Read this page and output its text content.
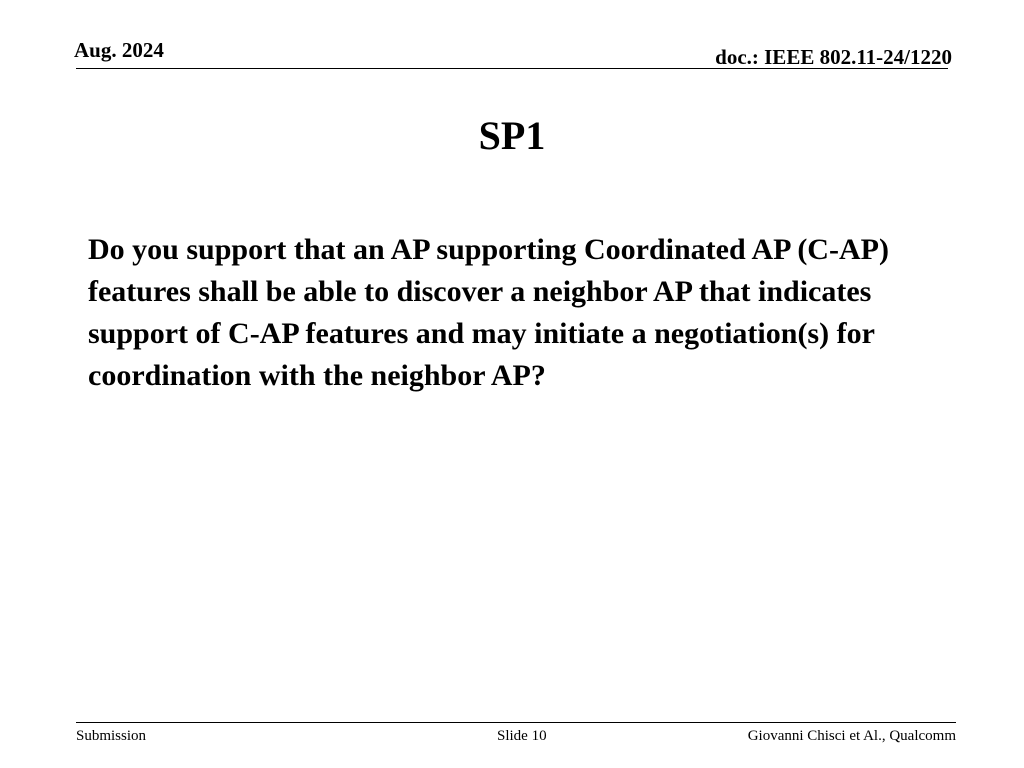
Aug. 2024	doc.: IEEE 802.11-24/1220
SP1
Do you support that an AP supporting Coordinated AP (C-AP) features shall be able to discover a neighbor AP that indicates support of C-AP features and may initiate a negotiation(s) for coordination with the neighbor AP?
Submission	Slide 10	Giovanni Chisci et Al., Qualcomm
